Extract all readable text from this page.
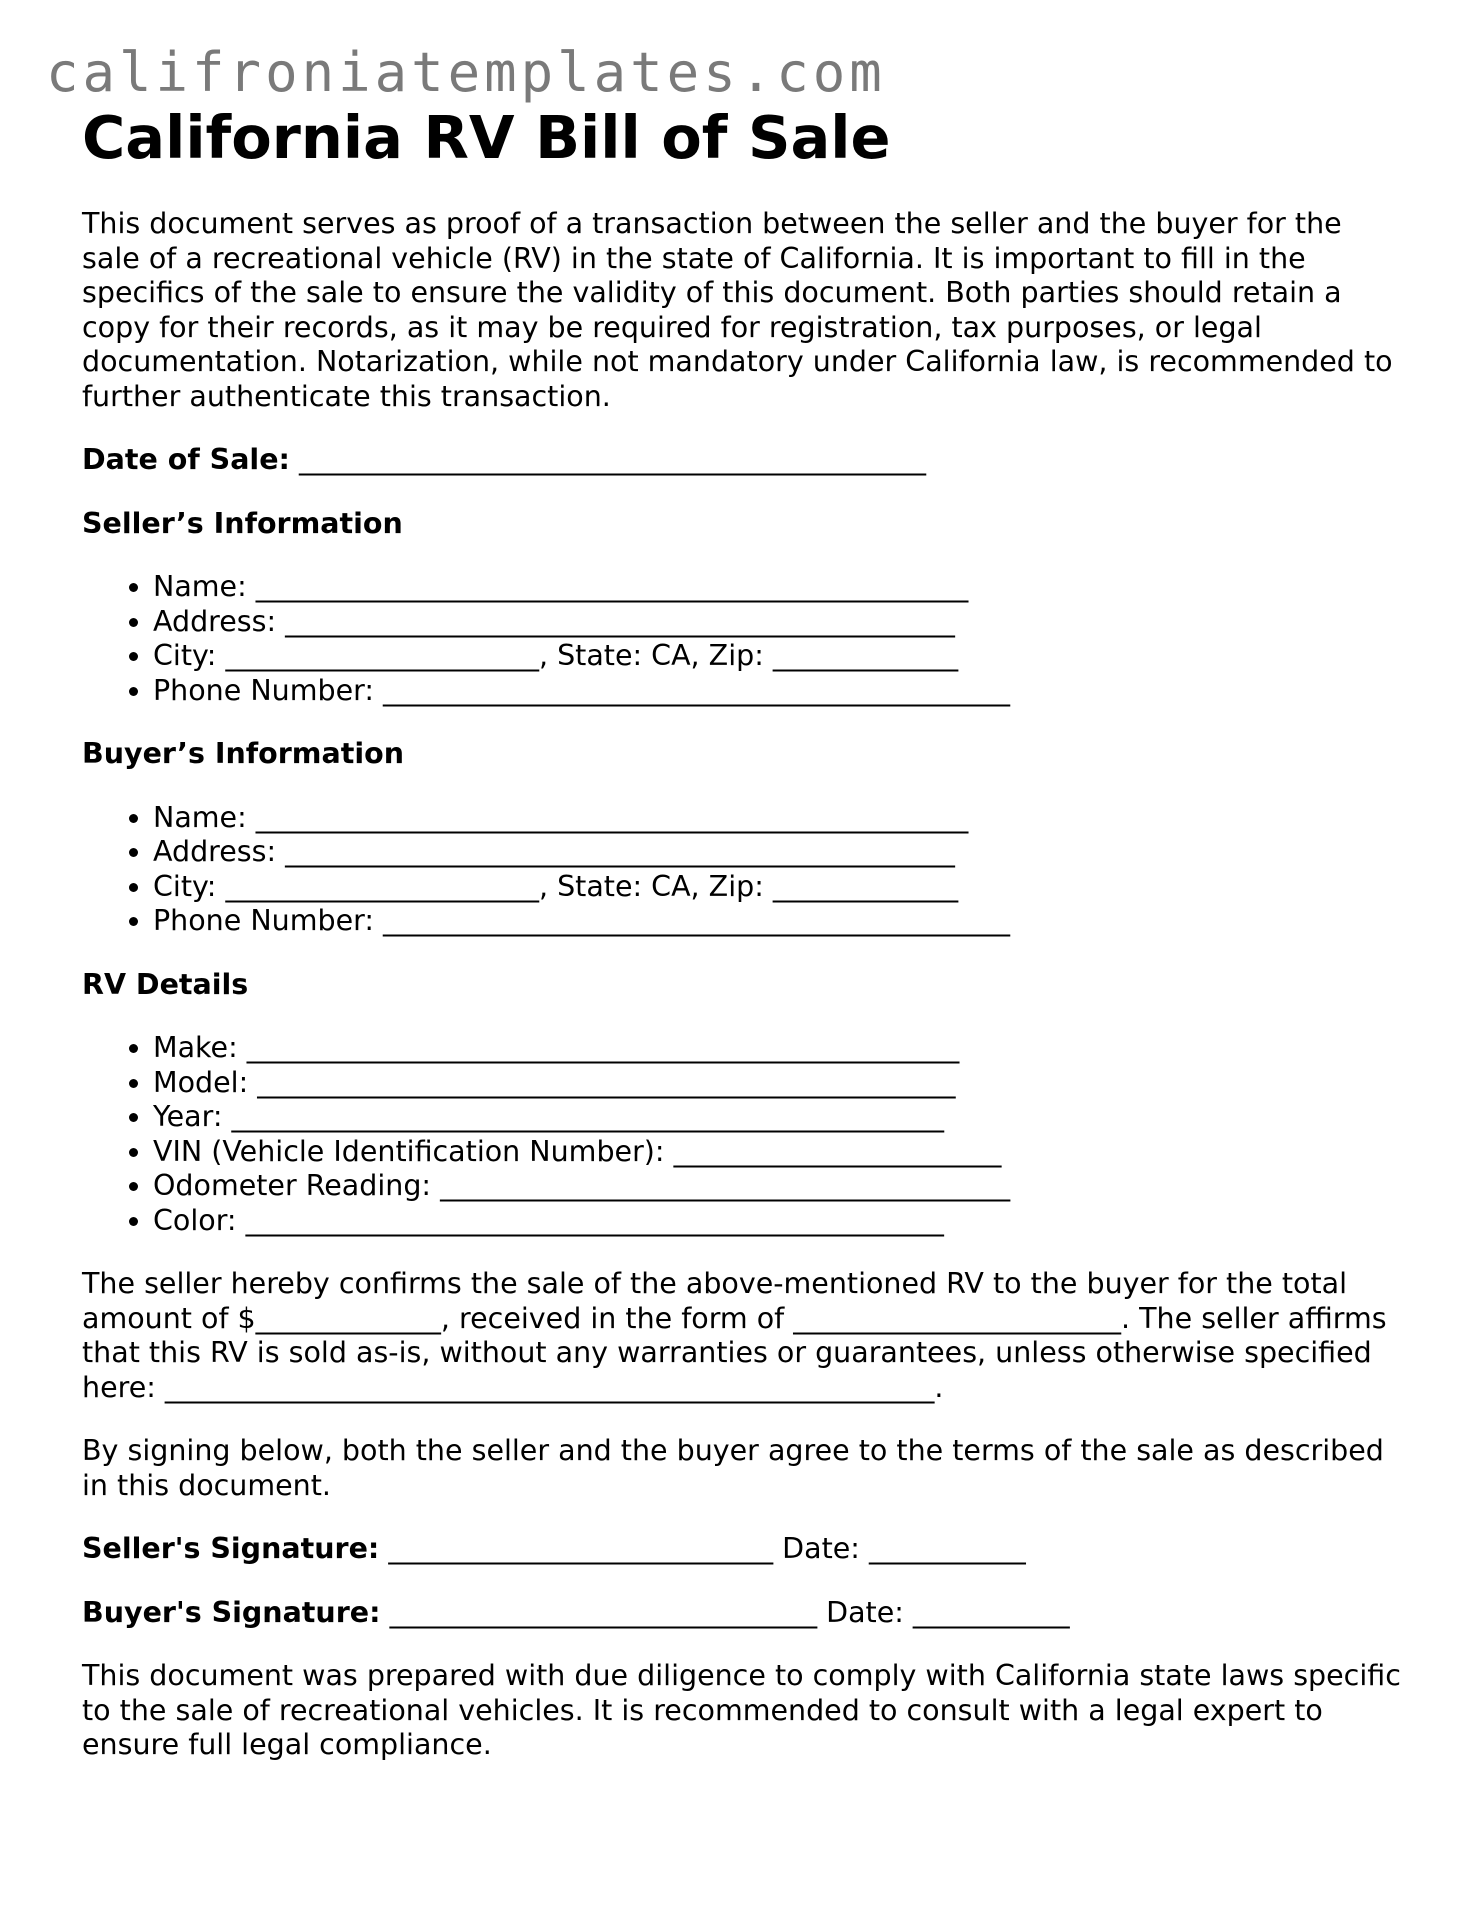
califroniatemplates.com
California RV Bill of Sale

This document serves as proof of a transaction between the seller and the buyer for the sale of a recreational vehicle (RV) in the state of California. It is important to fill in the specifics of the sale to ensure the validity of this document. Both parties should retain a copy for their records, as it may be required for registration, tax purposes, or legal documentation. Notarization, while not mandatory under California law, is recommended to further authenticate this transaction.

Date of Sale: ____________________________________________
Seller’s Information
• Name: __________________________________________________
• Address: _______________________________________________
• City: ______________________, State: CA, Zip: _____________
• Phone Number: ____________________________________________
Buyer’s Information
• Name: __________________________________________________
• Address: _______________________________________________
• City: ______________________, State: CA, Zip: _____________
• Phone Number: ____________________________________________
RV Details
• Make: __________________________________________________
• Model: _________________________________________________
• Year: __________________________________________________
• VIN (Vehicle Identification Number): _______________________
• Odometer Reading: ________________________________________
• Color: _________________________________________________

The seller hereby confirms the sale of the above-mentioned RV to the buyer for the total amount of $_____________, received in the form of _______________________. The seller affirms that this RV is sold as-is, without any warranties or guarantees, unless otherwise specified here: ______________________________________________________.

By signing below, both the seller and the buyer agree to the terms of the sale as described in this document.

Seller's Signature: ___________________________ Date: ___________
Buyer's Signature: ______________________________ Date: ___________

This document was prepared with due diligence to comply with California state laws specific to the sale of recreational vehicles. It is recommended to consult with a legal expert to ensure full legal compliance.
